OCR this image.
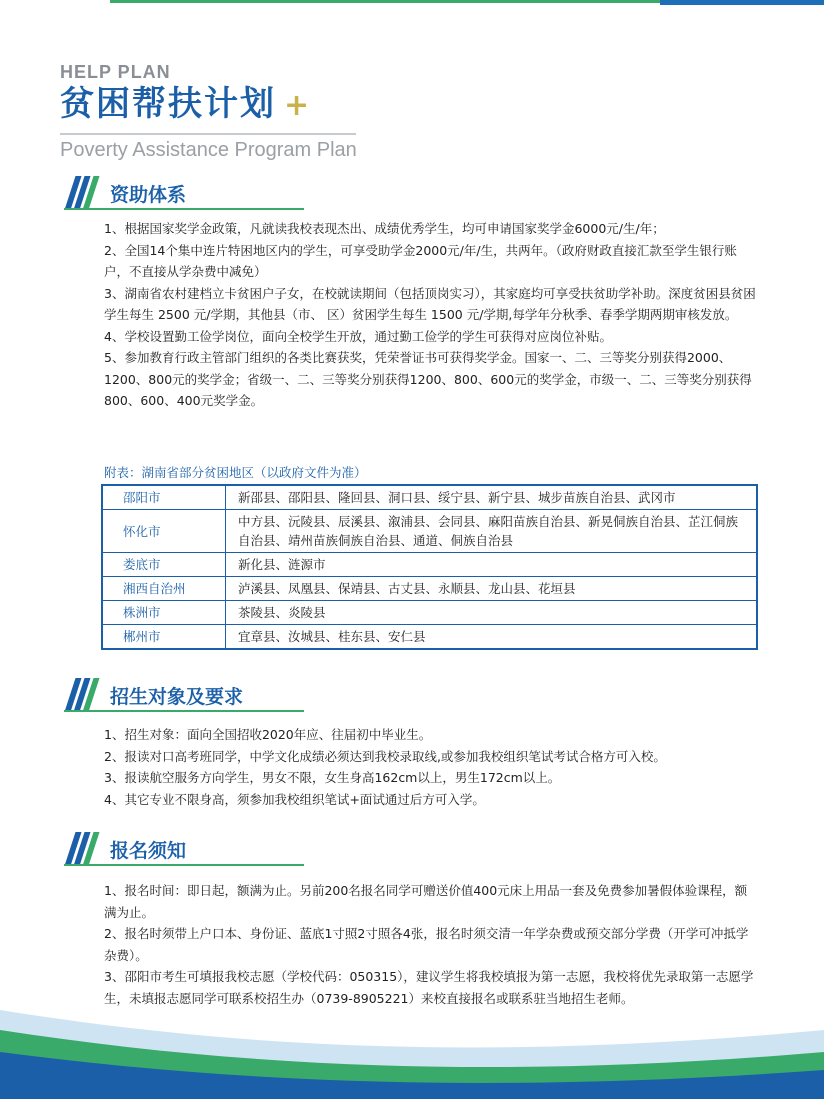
HELP PLAN
贫困帮扶计划 +
Poverty Assistance Program Plan
资助体系

1、根据国家奖学金政策，凡就读我校表现杰出、成绩优秀学生，均可申请国家奖学金6000元/生/年；

2、全国14个集中连片特困地区内的学生，可享受助学金2000元/年/生，共两年。（政府财政直接汇款至学生银行账户，不直接从学杂费中减免）

3、湖南省农村建档立卡贫困户子女，在校就读期间（包括顶岗实习），其家庭均可享受扶贫助学补助。深度贫困县贫困学生每生 2500 元/学期，其他县（市、 区）贫困学生每生 1500 元/学期,每学年分秋季、春季学期两期审核发放。

4、学校设置勤工俭学岗位，面向全校学生开放，通过勤工俭学的学生可获得对应岗位补贴。

5、参加教育行政主管部门组织的各类比赛获奖，凭荣誉证书可获得奖学金。国家一、二、三等奖分别获得2000、1200、800元的奖学金；省级一、二、三等奖分别获得1200、800、600元的奖学金，市级一、二、三等奖分别获得800、600、400元奖学金。

附表：湖南省部分贫困地区（以政府文件为准）
邵阳市	新邵县、邵阳县、隆回县、洞口县、绥宁县、新宁县、城步苗族自治县、武冈市
怀化市	中方县、沅陵县、辰溪县、溆浦县、会同县、麻阳苗族自治县、新晃侗族自治县、芷江侗族自治县、靖州苗族侗族自治县、通道、侗族自治县
娄底市	新化县、涟源市
湘西自治州	泸溪县、凤凰县、保靖县、古丈县、永顺县、龙山县、花垣县
株洲市	茶陵县、炎陵县
郴州市	宜章县、汝城县、桂东县、安仁县
招生对象及要求

1、招生对象：面向全国招收2020年应、往届初中毕业生。

2、报读对口高考班同学，中学文化成绩必须达到我校录取线,或参加我校组织笔试考试合格方可入校。

3、报读航空服务方向学生，男女不限，女生身高162cm以上，男生172cm以上。

4、其它专业不限身高，须参加我校组织笔试+面试通过后方可入学。

报名须知

1、报名时间：即日起，额满为止。另前200名报名同学可赠送价值400元床上用品一套及免费参加暑假体验课程，额满为止。

2、报名时须带上户口本、身份证、蓝底1寸照2寸照各4张，报名时须交清一年学杂费或预交部分学费（开学可冲抵学杂费）。

3、邵阳市考生可填报我校志愿（学校代码：050315），建议学生将我校填报为第一志愿，我校将优先录取第一志愿学生，未填报志愿同学可联系校招生办（0739-8905221）来校直接报名或联系驻当地招生老师。
